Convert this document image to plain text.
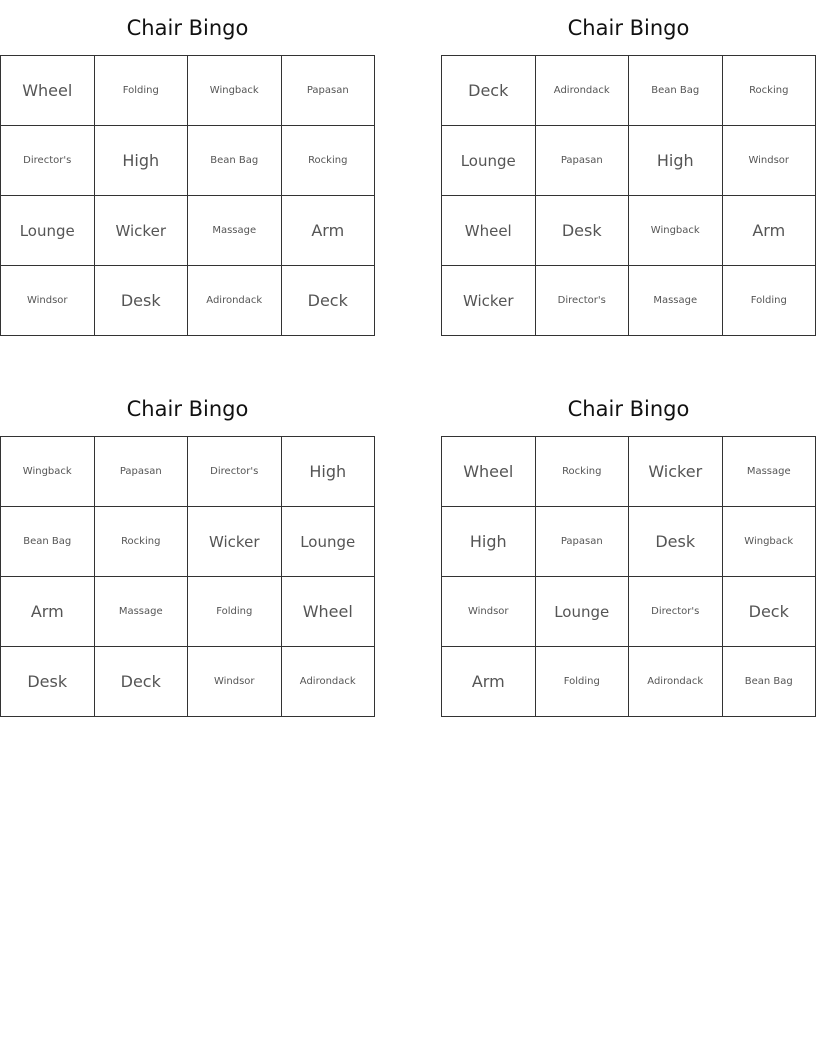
Chair Bingo
Wheel	Folding	Wingback	Papasan
Director's	High	Bean Bag	Rocking
Lounge	Wicker	Massage	Arm
Windsor	Desk	Adirondack	Deck
Chair Bingo
Deck	Adirondack	Bean Bag	Rocking
Lounge	Papasan	High	Windsor
Wheel	Desk	Wingback	Arm
Wicker	Director's	Massage	Folding
Chair Bingo
Wingback	Papasan	Director's	High
Bean Bag	Rocking	Wicker	Lounge
Arm	Massage	Folding	Wheel
Desk	Deck	Windsor	Adirondack
Chair Bingo
Wheel	Rocking	Wicker	Massage
High	Papasan	Desk	Wingback
Windsor	Lounge	Director's	Deck
Arm	Folding	Adirondack	Bean Bag
